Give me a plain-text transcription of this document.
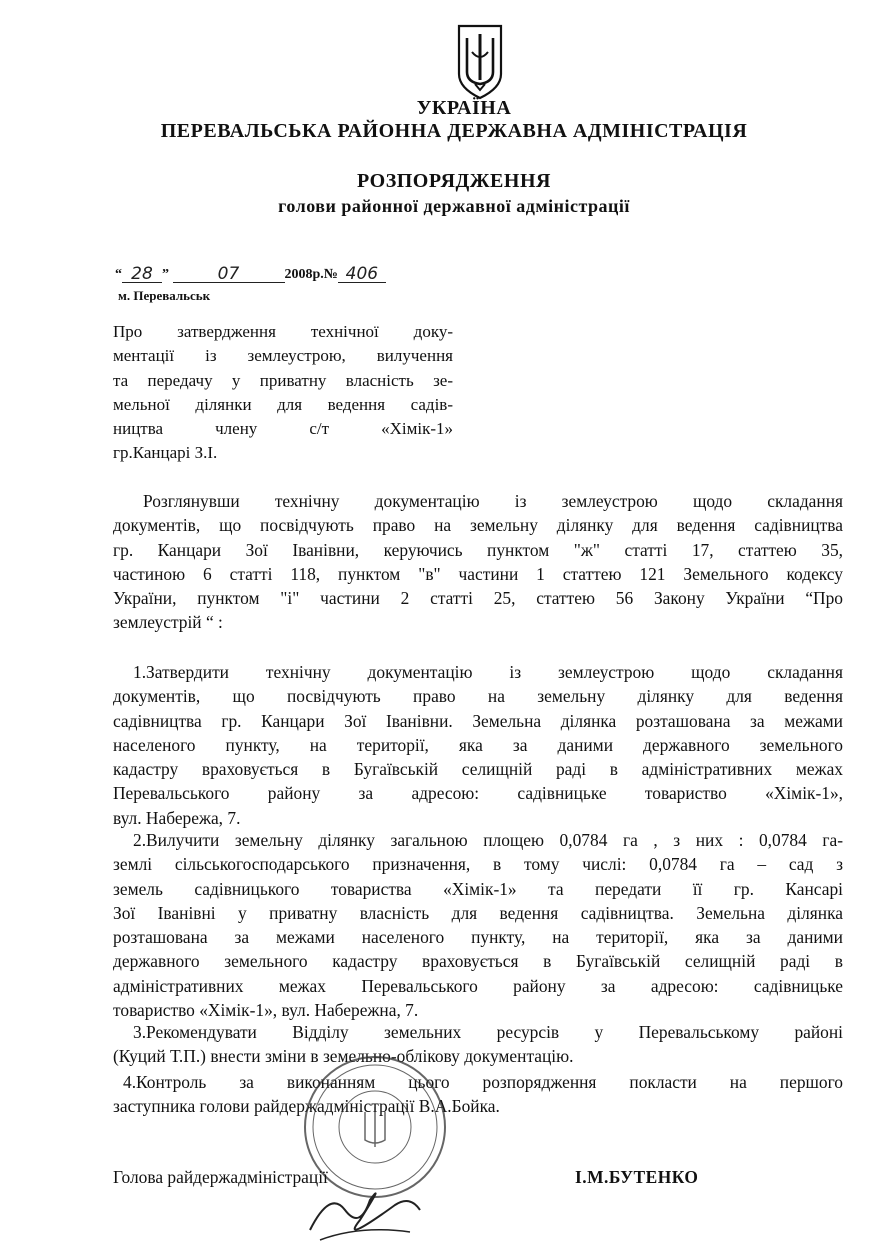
УКРАЇНА
ПЕРЕВАЛЬСЬКА РАЙОННА ДЕРЖАВНА АДМІНІСТРАЦІЯ
РОЗПОРЯДЖЕННЯ
голови районної державної адміністрації
“ 28 ”	07	2008р.№ 406
м. Перевальськ
Про затвердження технічної доку-
ментації із землеустрою, вилучення
та передачу у приватну власність зе-
мельної ділянки для ведення садів-
ництва члену с/т «Хімік-1»
гр.Канцарі З.І.
Розглянувши технічну документацію із землеустрою щодо складання
документів, що посвідчують право на земельну ділянку для ведення садівництва
гр. Канцари Зої Іванівни, керуючись пунктом "ж" статті 17, статтею 35,
частиною 6 статті 118, пунктом "в" частини 1 статтею 121 Земельного кодексу
України, пунктом "і" частини 2 статті 25, статтею 56 Закону України “Про
землеустрій “ :
1.Затвердити технічну документацію із землеустрою щодо складання
документів, що посвідчують право на земельну ділянку для ведення
садівництва гр. Канцари Зої Іванівни. Земельна ділянка розташована за межами
населеного пункту, на території, яка за даними державного земельного
кадастру враховується в Бугаївській селищній раді в адміністративних межах
Перевальського району за адресою: садівницьке товариство «Хімік-1»,
вул. Набережа, 7.
2.Вилучити земельну ділянку загальною площею 0,0784 га , з них : 0,0784 га-
землі сільськогосподарського призначення, в тому числі: 0,0784 га – сад з
земель садівницького товариства «Хімік-1» та передати її гр. Кансарі
Зої Іванівні у приватну власність для ведення садівництва. Земельна ділянка
розташована за межами населеного пункту, на території, яка за даними
державного земельного кадастру враховується в Бугаївській селищній раді в
адміністративних межах Перевальського району за адресою: садівницьке
товариство «Хімік-1», вул. Набережна, 7.
3.Рекомендувати Відділу земельних ресурсів у Перевальському районі
(Куций Т.П.) внести зміни в земельно-облікову документацію.
4.Контроль за виконанням цього розпорядження покласти на першого
заступника голови райдержадміністрації В.А.Бойка.
Голова райдержадміністрації	І.М.БУТЕНКО
